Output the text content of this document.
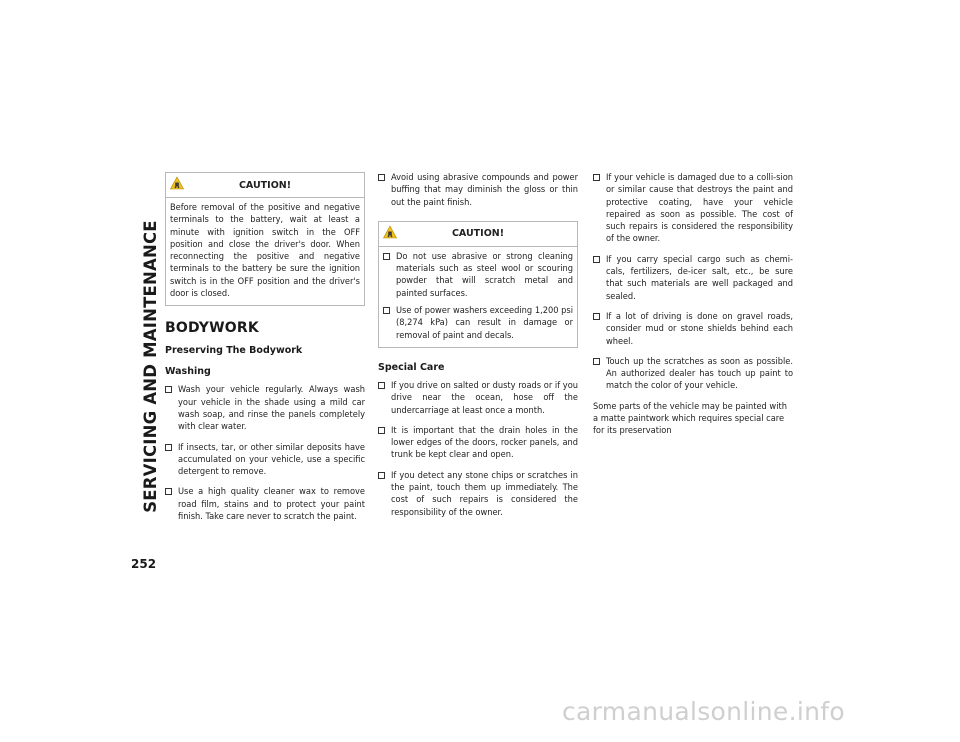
SERVICING AND MAINTENANCE
252
CAUTION!

Before removal of the positive and negative terminals to the battery, wait at least a minute with ignition switch in the OFF position and close the driver's door. When reconnecting the positive and negative terminals to the battery be sure the ignition switch is in the OFF position and the driver's door is closed.

BODYWORK
Preserving The Bodywork
Washing
Wash your vehicle regularly. Always wash your vehicle in the shade using a mild car wash soap, and rinse the panels completely with clear water.
If insects, tar, or other similar deposits have accumulated on your vehicle, use a specific detergent to remove.
Use a high quality cleaner wax to remove road film, stains and to protect your paint finish. Take care never to scratch the paint.
Avoid using abrasive compounds and power buffing that may diminish the gloss or thin out the paint finish.
CAUTION!
Do not use abrasive or strong cleaning materials such as steel wool or scouring powder that will scratch metal and painted surfaces.
Use of power washers exceeding 1,200 psi (8,274 kPa) can result in damage or removal of paint and decals.
Special Care
If you drive on salted or dusty roads or if you drive near the ocean, hose off the undercarriage at least once a month.
It is important that the drain holes in the lower edges of the doors, rocker panels, and trunk be kept clear and open.
If you detect any stone chips or scratches in the paint, touch them up immediately. The cost of such repairs is considered the responsibility of the owner.
If your vehicle is damaged due to a colli-sion or similar cause that destroys the paint and protective coating, have your vehicle repaired as soon as possible. The cost of such repairs is considered the responsibility of the owner.
If you carry special cargo such as chemi-cals, fertilizers, de-icer salt, etc., be sure that such materials are well packaged and sealed.
If a lot of driving is done on gravel roads, consider mud or stone shields behind each wheel.
Touch up the scratches as soon as possible. An authorized dealer has touch up paint to match the color of your vehicle.

Some parts of the vehicle may be painted with a matte paintwork which requires special care for its preservation

carmanualsonline.info
